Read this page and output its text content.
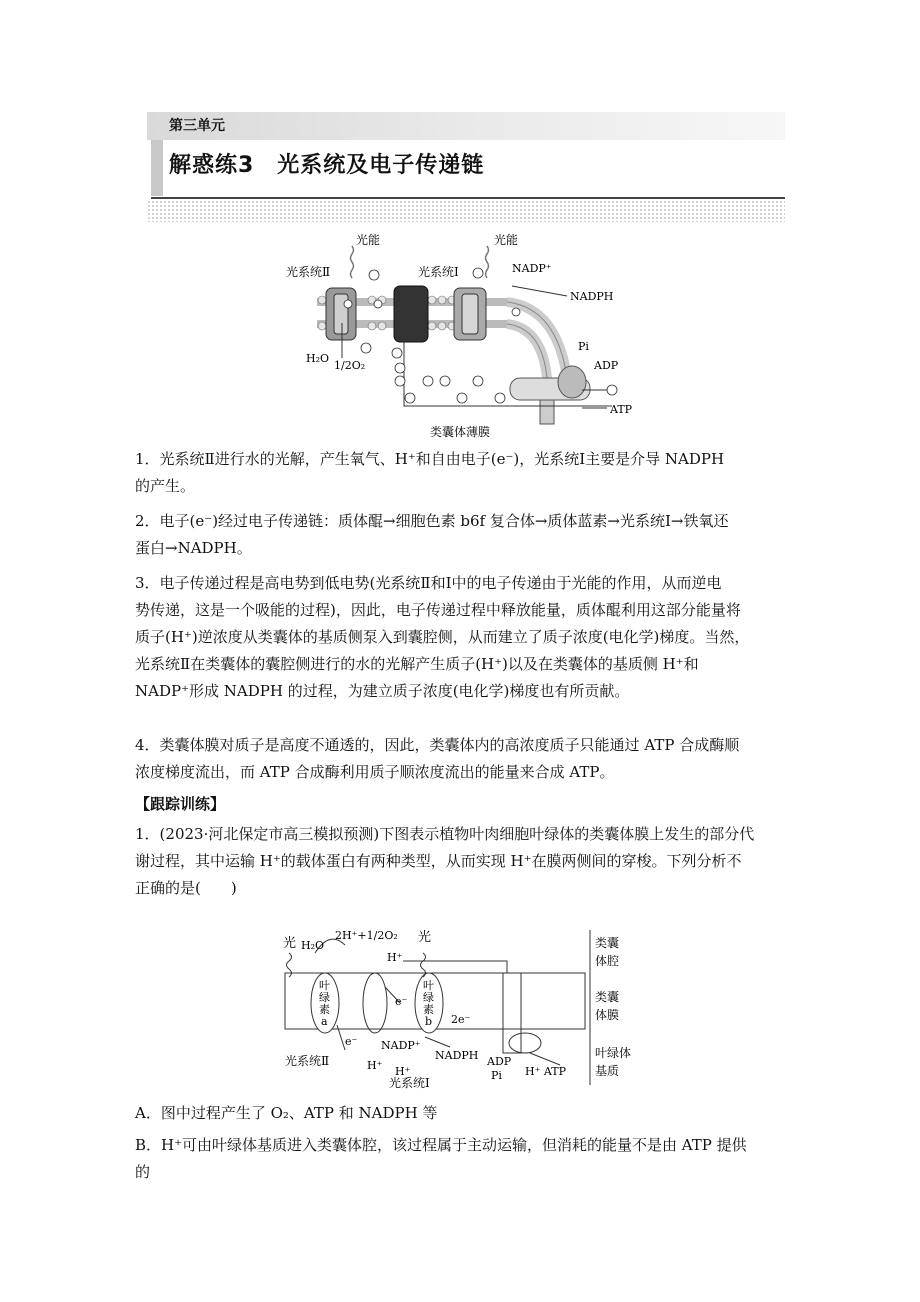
第三单元
解惑练3　光系统及电子传递链
光能	光能
光系统Ⅱ	光系统Ⅰ	NADP⁺
NADPH
H₂O
1/2O₂
Pi
ADP
ATP
类囊体薄膜
1．光系统Ⅱ进行水的光解，产生氧气、H⁺和自由电子(e⁻)，光系统Ⅰ主要是介导 NADPH
的产生。
2．电子(e⁻)经过电子传递链：质体醌→细胞色素 b6f 复合体→质体蓝素→光系统Ⅰ→铁氧还
蛋白→NADPH。
3．电子传递过程是高电势到低电势(光系统Ⅱ和Ⅰ中的电子传递由于光能的作用，从而逆电
势传递，这是一个吸能的过程)，因此，电子传递过程中释放能量，质体醌利用这部分能量将
质子(H⁺)逆浓度从类囊体的基质侧泵入到囊腔侧，从而建立了质子浓度(电化学)梯度。当然，
光系统Ⅱ在类囊体的囊腔侧进行的水的光解产生质子(H⁺)以及在类囊体的基质侧 H⁺和
NADP⁺形成 NADPH 的过程，为建立质子浓度(电化学)梯度也有所贡献。
4．类囊体膜对质子是高度不通透的，因此，类囊体内的高浓度质子只能通过 ATP 合成酶顺
浓度梯度流出，而 ATP 合成酶利用质子顺浓度流出的能量来合成 ATP。
【跟踪训练】
1．(2023·河北保定市高三模拟预测)下图表示植物叶肉细胞叶绿体的类囊体膜上发生的部分代
谢过程，其中运输 H⁺的载体蛋白有两种类型，从而实现 H⁺在膜两侧间的穿梭。下列分析不
正确的是(　　)
光 H₂O
2H⁺+1/2O₂ 光
H⁺
叶
绿
素
a
叶
绿
素
b
e⁻
e⁻
2e⁻
光系统Ⅱ	H⁺ H⁺
NADP⁺
NADPH
光系统Ⅰ
ADP
Pi H⁺ ATP
类囊
体腔
类囊
体膜
叶绿体
基质
A．图中过程产生了 O₂、ATP 和 NADPH 等
B．H⁺可由叶绿体基质进入类囊体腔，该过程属于主动运输，但消耗的能量不是由 ATP 提供
的
